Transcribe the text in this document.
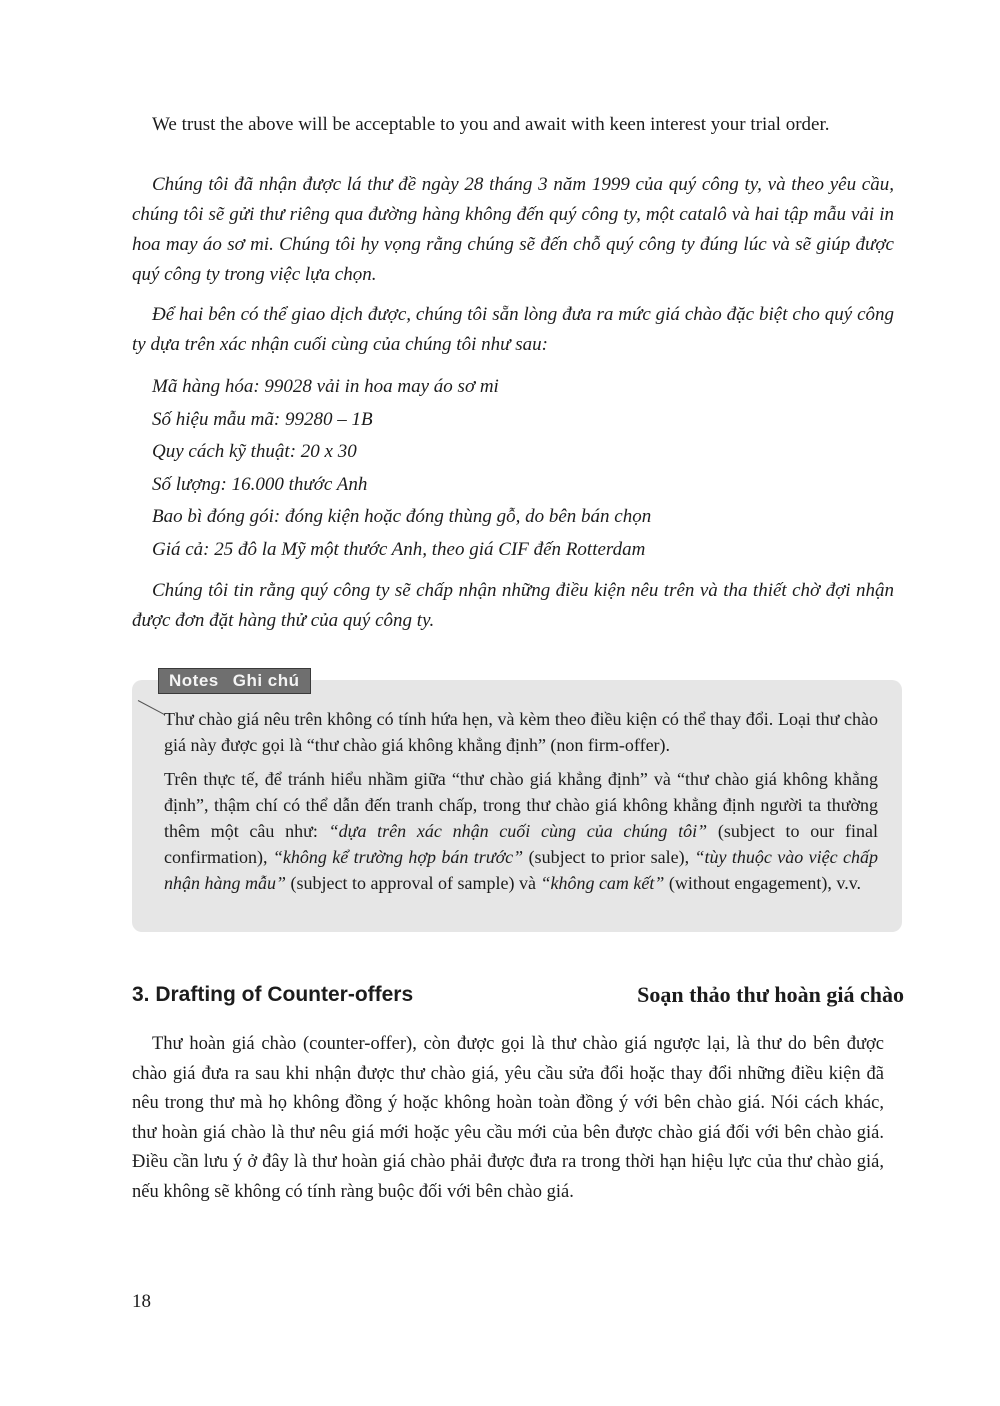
We trust the above will be acceptable to you and await with keen interest your trial order.

Chúng tôi đã nhận được lá thư đề ngày 28 tháng 3 năm 1999 của quý công ty, và theo yêu cầu, chúng tôi sẽ gửi thư riêng qua đường hàng không đến quý công ty, một catalô và hai tập mẫu vải in hoa may áo sơ mi. Chúng tôi hy vọng rằng chúng sẽ đến chỗ quý công ty đúng lúc và sẽ giúp được quý công ty trong việc lựa chọn.

Để hai bên có thể giao dịch được, chúng tôi sẵn lòng đưa ra mức giá chào đặc biệt cho quý công ty dựa trên xác nhận cuối cùng của chúng tôi như sau:

Mã hàng hóa: 99028 vải in hoa may áo sơ mi
Số hiệu mẫu mã: 99280 – 1B
Quy cách kỹ thuật: 20 x 30
Số lượng: 16.000 thước Anh
Bao bì đóng gói: đóng kiện hoặc đóng thùng gỗ, do bên bán chọn
Giá cả: 25 đô la Mỹ một thước Anh, theo giá CIF đến Rotterdam

Chúng tôi tin rằng quý công ty sẽ chấp nhận những điều kiện nêu trên và tha thiết chờ đợi nhận được đơn đặt hàng thử của quý công ty.

Notes Ghi chú

Thư chào giá nêu trên không có tính hứa hẹn, và kèm theo điều kiện có thể thay đổi. Loại thư chào giá này được gọi là “thư chào giá không khẳng định” (non firm-offer).

Trên thực tế, để tránh hiểu nhầm giữa “thư chào giá khẳng định” và “thư chào giá không khẳng định”, thậm chí có thể dẫn đến tranh chấp, trong thư chào giá không khẳng định người ta thường thêm một câu như: “dựa trên xác nhận cuối cùng của chúng tôi” (subject to our final confirmation), “không kể trường hợp bán trước” (subject to prior sale), “tùy thuộc vào việc chấp nhận hàng mẫu” (subject to approval of sample) và “không cam kết” (without engagement), v.v.

3. Drafting of Counter-offers	Soạn thảo thư hoàn giá chào

Thư hoàn giá chào (counter-offer), còn được gọi là thư chào giá ngược lại, là thư do bên được chào giá đưa ra sau khi nhận được thư chào giá, yêu cầu sửa đổi hoặc thay đổi những điều kiện đã nêu trong thư mà họ không đồng ý hoặc không hoàn toàn đồng ý với bên chào giá. Nói cách khác, thư hoàn giá chào là thư nêu giá mới hoặc yêu cầu mới của bên được chào giá đối với bên chào giá. Điều cần lưu ý ở đây là thư hoàn giá chào phải được đưa ra trong thời hạn hiệu lực của thư chào giá, nếu không sẽ không có tính ràng buộc đối với bên chào giá.

18
